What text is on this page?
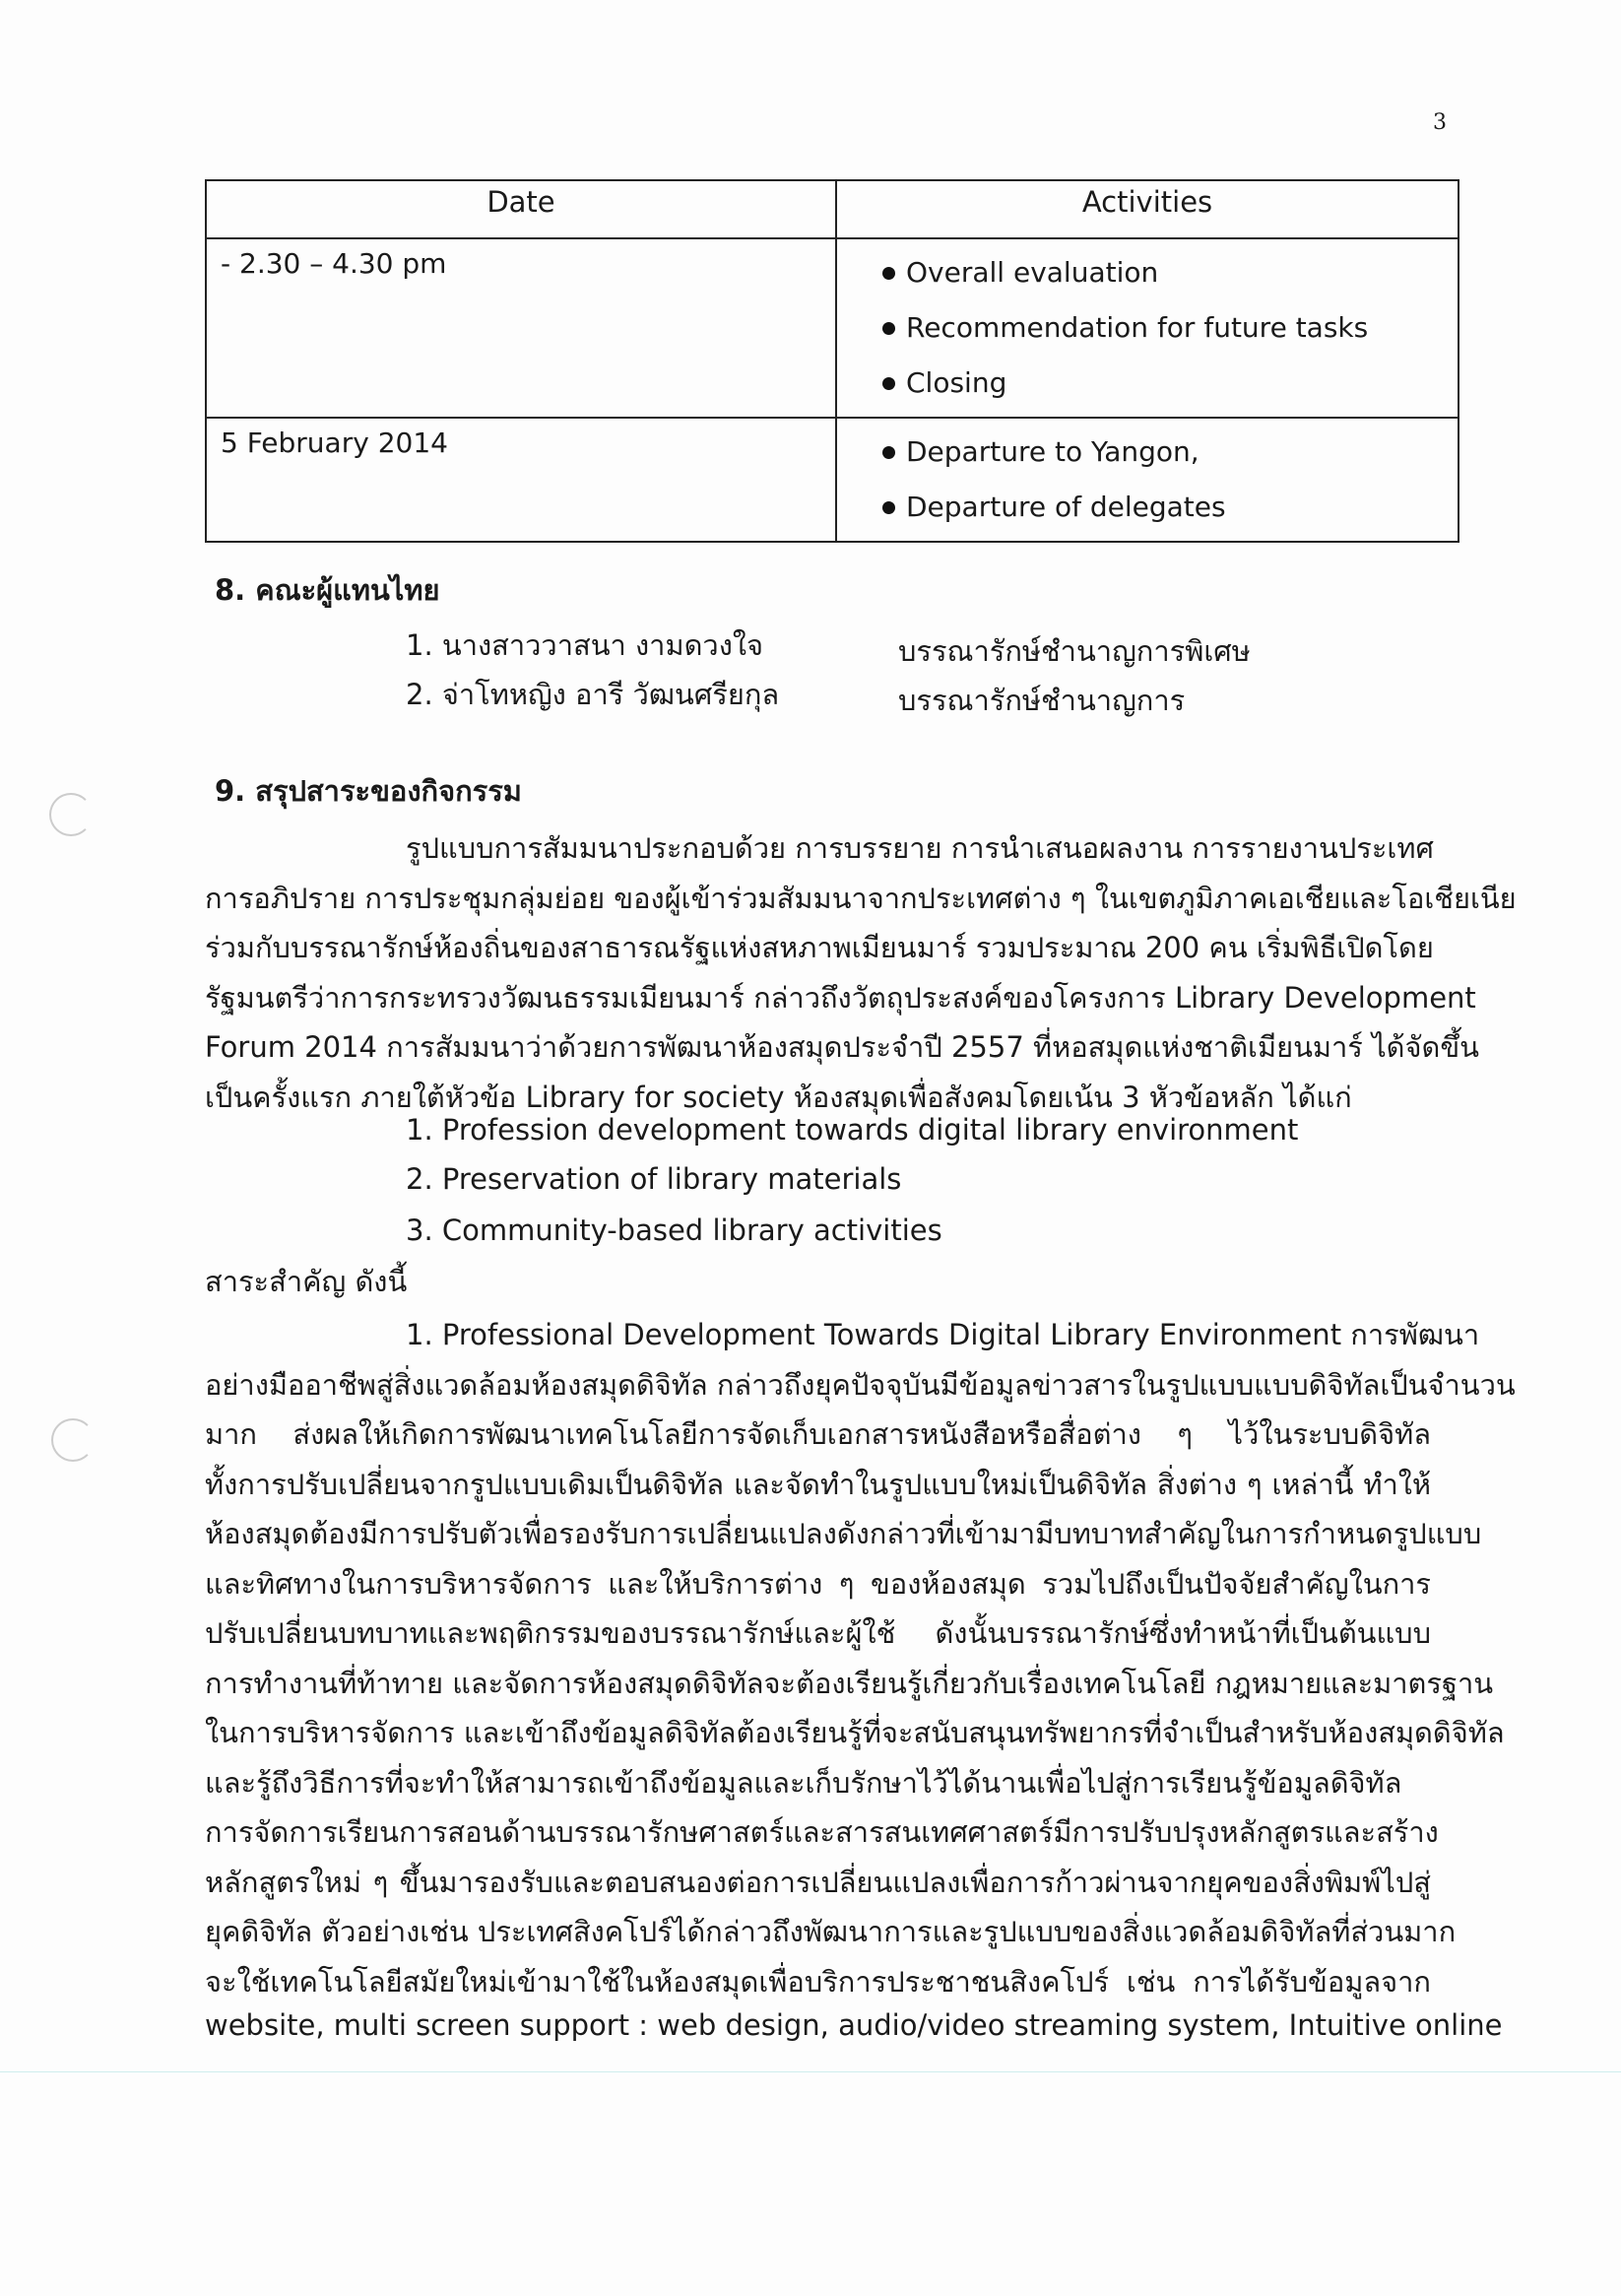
3
Date	Activities
- 2.30 – 4.30 pm	Overall evaluation
Recommendation for future tasks
Closing

5 February 2014	Departure to Yangon,
Departure of delegates
8. คณะผู้แทนไทย
1. นางสาววาสนา งามดวงใจ	บรรณารักษ์ชำนาญการพิเศษ
2. จ่าโทหญิง อารี วัฒนศรียกุล	บรรณารักษ์ชำนาญการ
9. สรุปสาระของกิจกรรม
รูปแบบการสัมมนาประกอบด้วย การบรรยาย การนำเสนอผลงาน การรายงานประเทศ
การอภิปราย การประชุมกลุ่มย่อย ของผู้เข้าร่วมสัมมนาจากประเทศต่าง ๆ ในเขตภูมิภาคเอเชียและโอเชียเนีย
ร่วมกับบรรณารักษ์ห้องถิ่นของสาธารณรัฐแห่งสหภาพเมียนมาร์ รวมประมาณ 200 คน เริ่มพิธีเปิดโดย
รัฐมนตรีว่าการกระทรวงวัฒนธรรมเมียนมาร์ กล่าวถึงวัตถุประสงค์ของโครงการ Library Development
Forum 2014 การสัมมนาว่าด้วยการพัฒนาห้องสมุดประจำปี 2557 ที่หอสมุดแห่งชาติเมียนมาร์ ได้จัดขึ้น
เป็นครั้งแรก ภายใต้หัวข้อ Library for society ห้องสมุดเพื่อสังคมโดยเน้น 3 หัวข้อหลัก ได้แก่
1. Profession development towards digital library environment
2. Preservation of library materials
3. Community-based library activities
สาระสำคัญ ดังนี้
1. Professional Development Towards Digital Library Environment การพัฒนา
อย่างมืออาชีพสู่สิ่งแวดล้อมห้องสมุดดิจิทัล กล่าวถึงยุคปัจจุบันมีข้อมูลข่าวสารในรูปแบบแบบดิจิทัลเป็นจำนวน
มาก ส่งผลให้เกิดการพัฒนาเทคโนโลยีการจัดเก็บเอกสารหนังสือหรือสื่อต่าง ๆ ไว้ในระบบดิจิทัล
ทั้งการปรับเปลี่ยนจากรูปแบบเดิมเป็นดิจิทัล และจัดทำในรูปแบบใหม่เป็นดิจิทัล สิ่งต่าง ๆ เหล่านี้ ทำให้
ห้องสมุดต้องมีการปรับตัวเพื่อรองรับการเปลี่ยนแปลงดังกล่าวที่เข้ามามีบทบาทสำคัญในการกำหนดรูปแบบ
และทิศทางในการบริหารจัดการ และให้บริการต่าง ๆ ของห้องสมุด รวมไปถึงเป็นปัจจัยสำคัญในการ
ปรับเปลี่ยนบทบาทและพฤติกรรมของบรรณารักษ์และผู้ใช้ ดังนั้นบรรณารักษ์ซึ่งทำหน้าที่เป็นต้นแบบ
การทำงานที่ท้าทาย และจัดการห้องสมุดดิจิทัลจะต้องเรียนรู้เกี่ยวกับเรื่องเทคโนโลยี กฎหมายและมาตรฐาน
ในการบริหารจัดการ และเข้าถึงข้อมูลดิจิทัลต้องเรียนรู้ที่จะสนับสนุนทรัพยากรที่จำเป็นสำหรับห้องสมุดดิจิทัล
และรู้ถึงวิธีการที่จะทำให้สามารถเข้าถึงข้อมูลและเก็บรักษาไว้ได้นานเพื่อไปสู่การเรียนรู้ข้อมูลดิจิทัล
การจัดการเรียนการสอนด้านบรรณารักษศาสตร์และสารสนเทศศาสตร์มีการปรับปรุงหลักสูตรและสร้าง
หลักสูตรใหม่ ๆ ขึ้นมารองรับและตอบสนองต่อการเปลี่ยนแปลงเพื่อการก้าวผ่านจากยุคของสิ่งพิมพ์ไปสู่
ยุคดิจิทัล ตัวอย่างเช่น ประเทศสิงคโปร์ได้กล่าวถึงพัฒนาการและรูปแบบของสิ่งแวดล้อมดิจิทัลที่ส่วนมาก
จะใช้เทคโนโลยีสมัยใหม่เข้ามาใช้ในห้องสมุดเพื่อบริการประชาชนสิงคโปร์ เช่น การได้รับข้อมูลจาก
website, multi screen support : web design, audio/video streaming system, Intuitive online
